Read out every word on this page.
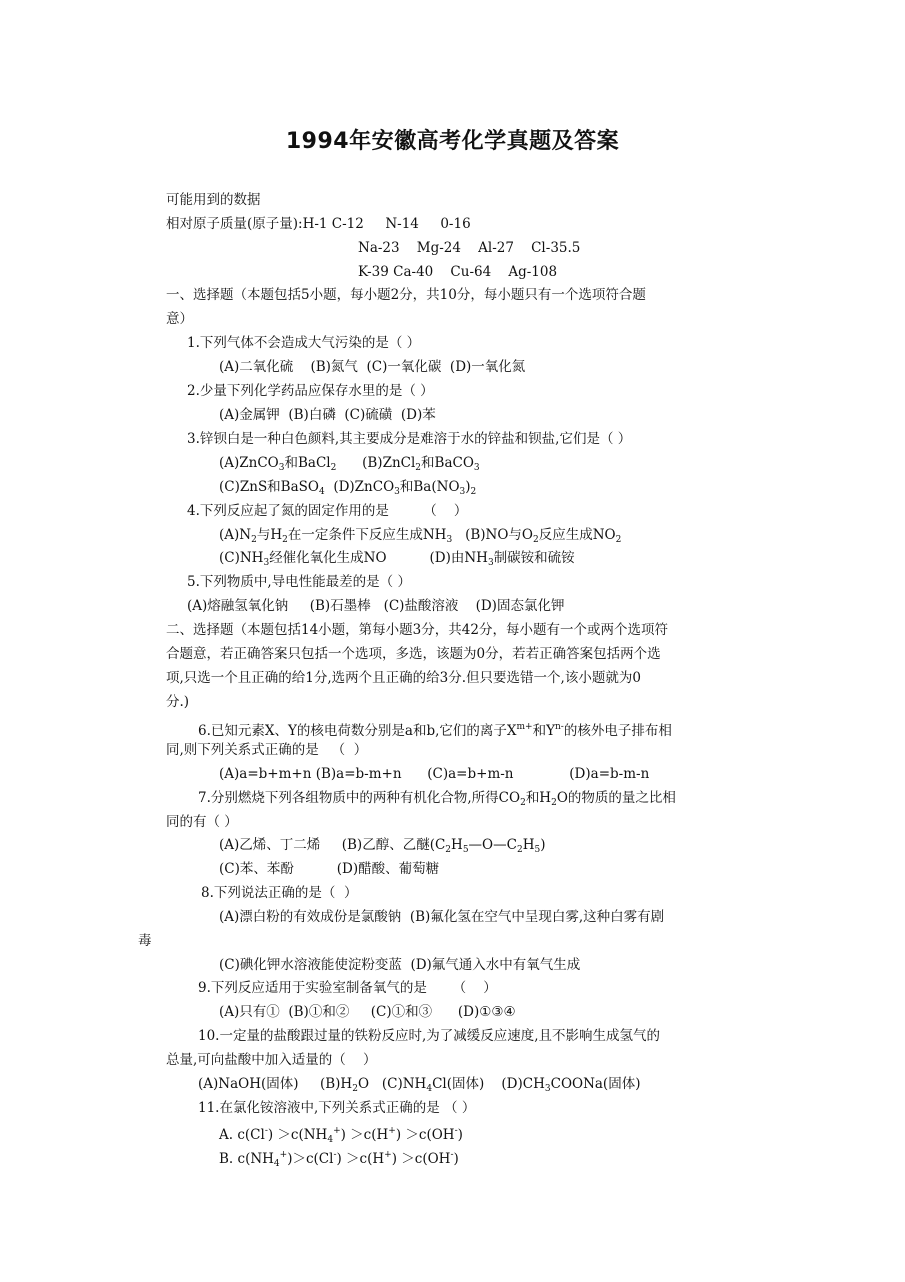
1994年安徽高考化学真题及答案
可能用到的数据
相对原子质量(原子量):H-1 C-12     N-14     0-16
Na-23    Mg-24    Al-27    Cl-35.5
K-39 Ca-40    Cu-64    Ag-108
一、选择题（本题包括5小题，每小题2分，共10分，每小题只有一个选项符合题
意）
1.下列气体不会造成大气污染的是（ ）
(A)二氧化硫    (B)氮气  (C)一氧化碳  (D)一氧化氮
2.少量下列化学药品应保存水里的是（ ）
(A)金属钾  (B)白磷  (C)硫磺  (D)苯
3.锌钡白是一种白色颜料,其主要成分是难溶于水的锌盐和钡盐,它们是（ ）
(A)ZnCO$_3$和BaCl$_2$ (B)ZnCl$_2$和BaCO$_3$
(C)ZnS和BaSO$_4$ (D)ZnCO$_3$和$Ba(NO_3)_2$
4.下列反应起了氮的固定作用的是        （    ）
$(A)N_2$与$H_2$在一定条件下反应生成$NH_3$ (B)NO与$O_2$反应生成$NO_2$
$(C)NH_3$经催化氧化生成NO	(D)由$NH_3$制碳铵和硫铵
5.下列物质中,导电性能最差的是（ ）
(A)熔融氢氧化钠     (B)石墨棒   (C)盐酸溶液    (D)固态氯化钾
二、选择题（本题包括14小题，第每小题3分，共42分，每小题有一个或两个选项符
合题意，若正确答案只包括一个选项，多选，该题为0分，若若正确答案包括两个选
项,只选一个且正确的给1分,选两个且正确的给3分.但只要选错一个,该小题就为0
分.)
6.已知元素X、Y的核电荷数分别是a和b,它们的离子$X^{m+}$和$Y^{n-}$的核外电子排布相
同,则下列关系式正确的是   （  ）
(A)a=b+m+n (B)a=b-m+n      (C)a=b+m-n             (D)a=b-m-n
7.分别燃烧下列各组物质中的两种有机化合物,所得$CO_2$和$H_2O$的物质的量之比相
同的有（ ）
(A)乙烯、丁二烯     (B)乙醇、乙醚$(C_2H_5—O—C_2H_5)$
(C)苯、苯酚          (D)醋酸、葡萄糖
8.下列说法正确的是（  ）
(A)漂白粉的有效成份是氯酸钠  (B)氟化氢在空气中呈现白雾,这种白雾有剧
毒
(C)碘化钾水溶液能使淀粉变蓝  (D)氟气通入水中有氧气生成
9.下列反应适用于实验室制备氧气的是      （    ）
(A)只有①  (B)①和②     (C)①和③      (D)①③④
10.一定量的盐酸跟过量的铁粉反应时,为了减缓反应速度,且不影响生成氢气的
总量,可向盐酸中加入适量的（    ）
(A)NaOH(固体)     $(B)H_2O$   $(C)NH_4Cl$(固体)    $(D)CH_3COONa$(固体)
11.在氯化铵溶液中,下列关系式正确的是 （ ）
A. $c(Cl^-) >c(NH_4^+) >c(H^+) >c(OH^-)$
B. $c(NH_4^+)>c(Cl^-) >c(H^+) >c(OH^-)$
